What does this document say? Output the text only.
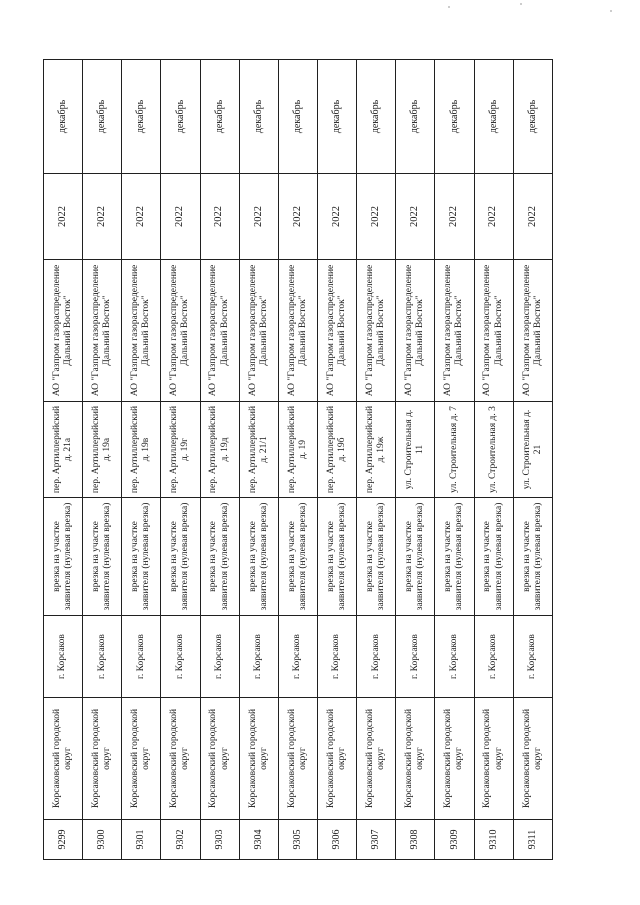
9299	Корсаковский городской округ	г. Корсаков	врезка на участке заявителя (нулевая врезка)	пер. Артиллерийский д. 21а	АО "Газпром газораспределение Дальний Восток"	2022	декабрь
9300	Корсаковский городской округ	г. Корсаков	врезка на участке заявителя (нулевая врезка)	пер. Артиллерийский д. 19а	АО "Газпром газораспределение Дальний Восток"	2022	декабрь
9301	Корсаковский городской округ	г. Корсаков	врезка на участке заявителя (нулевая врезка)	пер. Артиллерийский д. 19в	АО "Газпром газораспределение Дальний Восток"	2022	декабрь
9302	Корсаковский городской округ	г. Корсаков	врезка на участке заявителя (нулевая врезка)	пер. Артиллерийский д. 19г	АО "Газпром газораспределение Дальний Восток"	2022	декабрь
9303	Корсаковский городской округ	г. Корсаков	врезка на участке заявителя (нулевая врезка)	пер. Артиллерийский д. 19д	АО "Газпром газораспределение Дальний Восток"	2022	декабрь
9304	Корсаковский городской округ	г. Корсаков	врезка на участке заявителя (нулевая врезка)	пер. Артиллерийский д. 21/1	АО "Газпром газораспределение Дальний Восток"	2022	декабрь
9305	Корсаковский городской округ	г. Корсаков	врезка на участке заявителя (нулевая врезка)	пер. Артиллерийский д. 19	АО "Газпром газораспределение Дальний Восток"	2022	декабрь
9306	Корсаковский городской округ	г. Корсаков	врезка на участке заявителя (нулевая врезка)	пер. Артиллерийский д. 19б	АО "Газпром газораспределение Дальний Восток"	2022	декабрь
9307	Корсаковский городской округ	г. Корсаков	врезка на участке заявителя (нулевая врезка)	пер. Артиллерийский д. 19ж	АО "Газпром газораспределение Дальний Восток"	2022	декабрь
9308	Корсаковский городской округ	г. Корсаков	врезка на участке заявителя (нулевая врезка)	ул. Строительная д. 11	АО "Газпром газораспределение Дальний Восток"	2022	декабрь
9309	Корсаковский городской округ	г. Корсаков	врезка на участке заявителя (нулевая врезка)	ул. Строительная д. 7	АО "Газпром газораспределение Дальний Восток"	2022	декабрь
9310	Корсаковский городской округ	г. Корсаков	врезка на участке заявителя (нулевая врезка)	ул. Строительная д. 3	АО "Газпром газораспределение Дальний Восток"	2022	декабрь
9311	Корсаковский городской округ	г. Корсаков	врезка на участке заявителя (нулевая врезка)	ул. Строительная д. 21	АО "Газпром газораспределение Дальний Восток"	2022	декабрь
